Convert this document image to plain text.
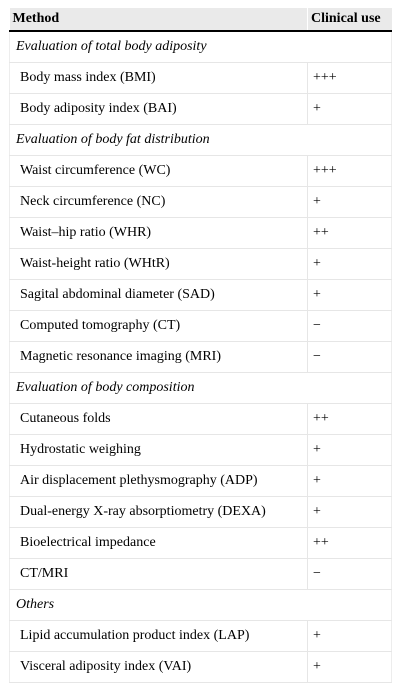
Method	Clinical use
Evaluation of total body adiposity	
Body mass index (BMI)	+++
Body adiposity index (BAI)	+
Evaluation of body fat distribution	
Waist circumference (WC)	+++
Neck circumference (NC)	+
Waist–hip ratio (WHR)	++
Waist-height ratio (WHtR)	+
Sagital abdominal diameter (SAD)	+
Computed tomography (CT)	−
Magnetic resonance imaging (MRI)	−
Evaluation of body composition	
Cutaneous folds	++
Hydrostatic weighing	+
Air displacement plethysmography (ADP)	+
Dual-energy X-ray absorptiometry (DEXA)	+
Bioelectrical impedance	++
CT/MRI	−
Others	
Lipid accumulation product index (LAP)	+
Visceral adiposity index (VAI)	+
